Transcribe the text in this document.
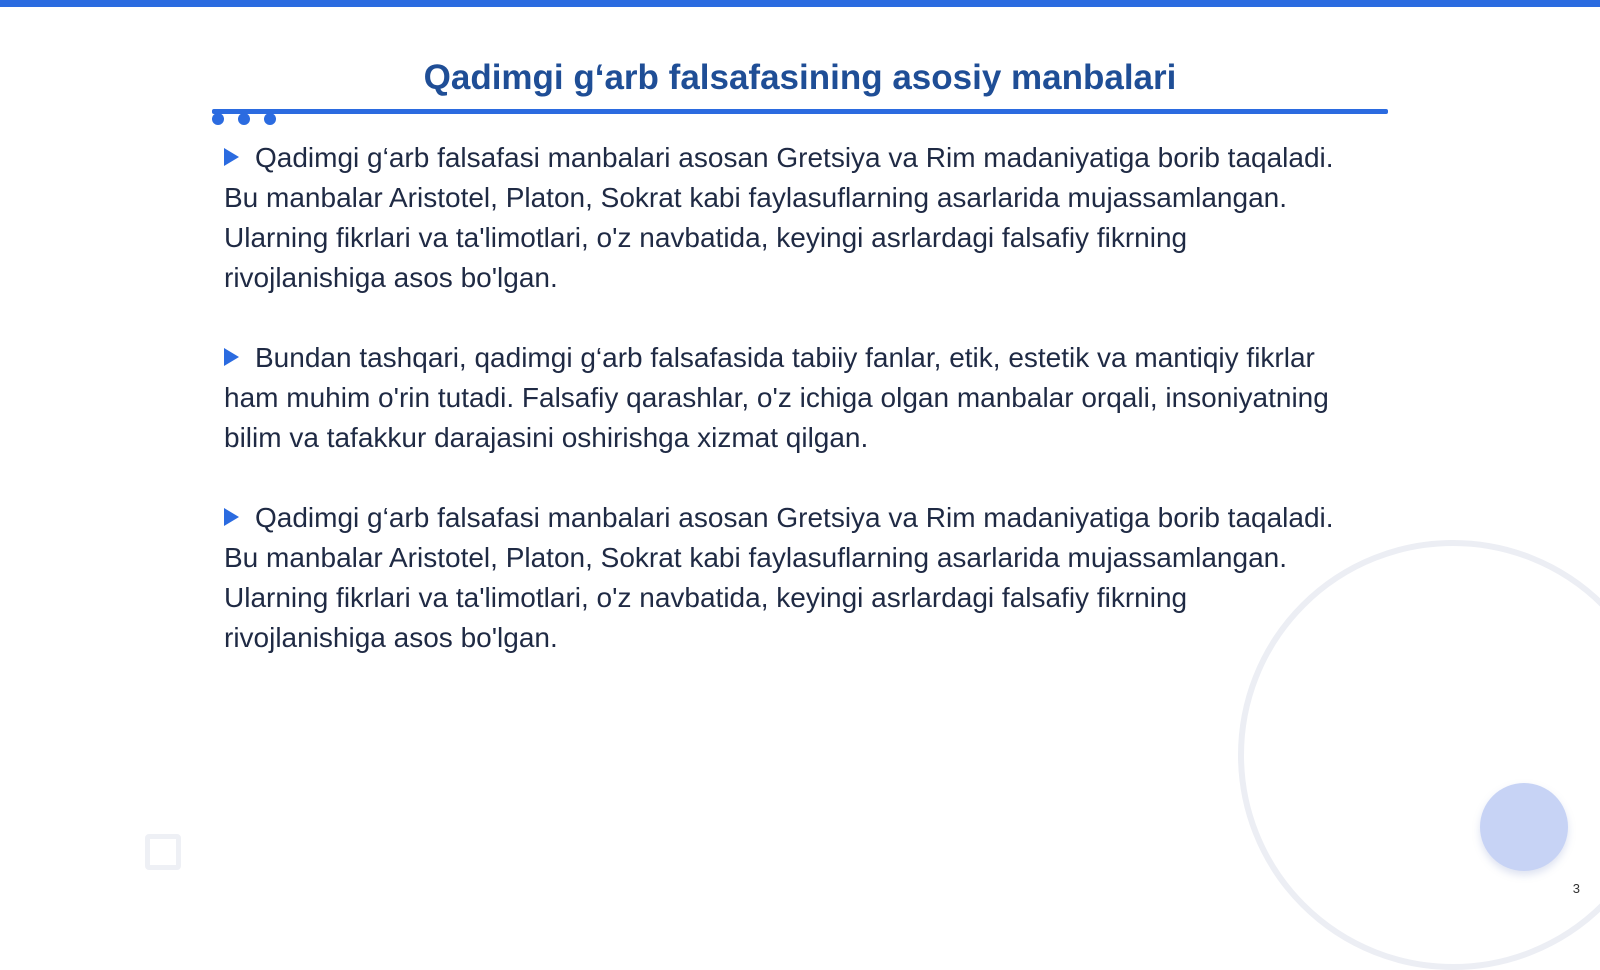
Qadimgi g‘arb falsafasining asosiy manbalari

Qadimgi g‘arb falsafasi manbalari asosan Gretsiya va Rim madaniyatiga borib taqaladi. Bu manbalar Aristotel, Platon, Sokrat kabi faylasuflarning asarlarida mujassamlangan. Ularning fikrlari va ta'limotlari, o'z navbatida, keyingi asrlardagi falsafiy fikrning rivojlanishiga asos bo'lgan.

Bundan tashqari, qadimgi g‘arb falsafasida tabiiy fanlar, etik, estetik va mantiqiy fikrlar ham muhim o'rin tutadi. Falsafiy qarashlar, o'z ichiga olgan manbalar orqali, insoniyatning bilim va tafakkur darajasini oshirishga xizmat qilgan.

Qadimgi g‘arb falsafasi manbalari asosan Gretsiya va Rim madaniyatiga borib taqaladi. Bu manbalar Aristotel, Platon, Sokrat kabi faylasuflarning asarlarida mujassamlangan. Ularning fikrlari va ta'limotlari, o'z navbatida, keyingi asrlardagi falsafiy fikrning rivojlanishiga asos bo'lgan.

3
